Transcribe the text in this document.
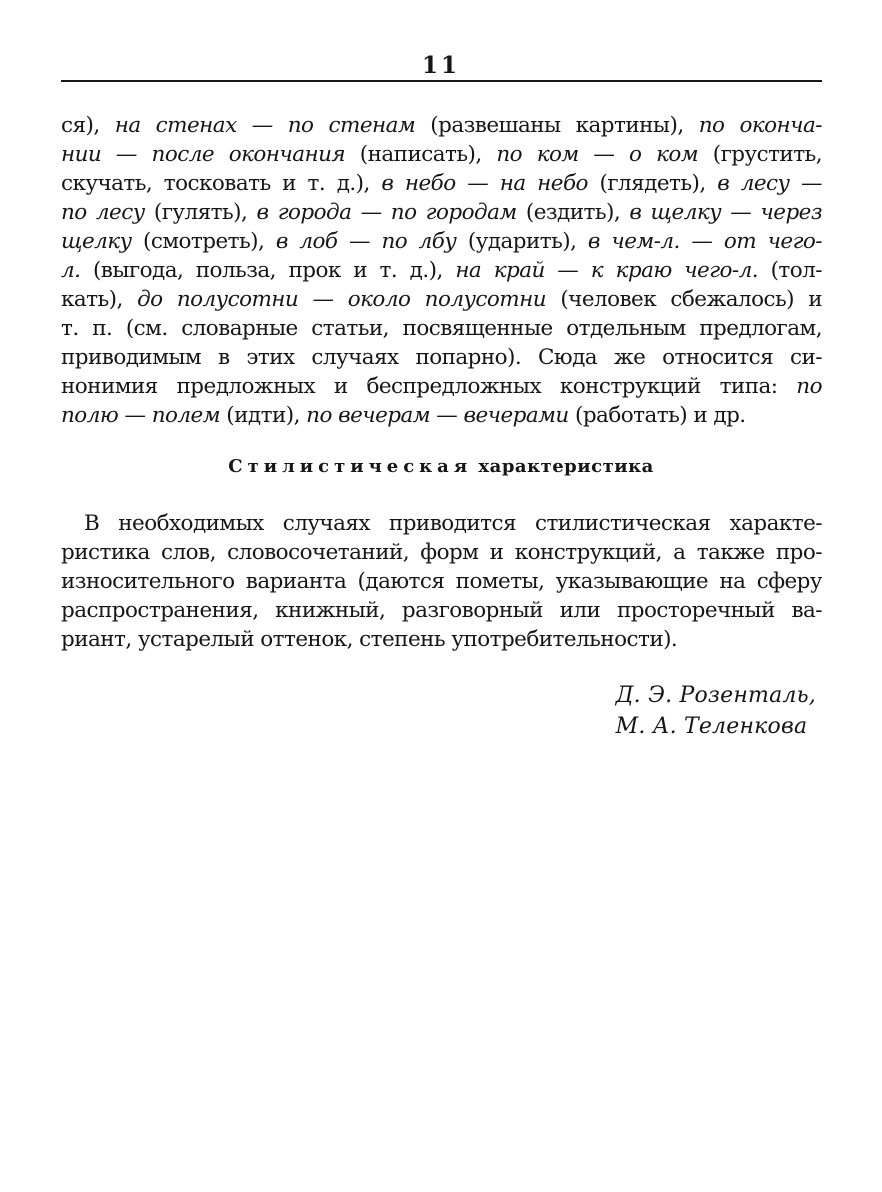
11
ся), на стенах — по стенам (развешаны картины), по оконча-
нии — после окончания (написать), по ком — о ком (грустить,
скучать, тосковать и т. д.), в небо — на небо (глядеть), в лесу —
по лесу (гулять), в города — по городам (ездить), в щелку — через
щелку (смотреть), в лоб — по лбу (ударить), в чем-л. — от чего-
л. (выгода, польза, прок и т. д.), на край — к краю чего-л. (тол-
кать), до полусотни — около полусотни (человек сбежалось) и
т. п. (см. словарные статьи, посвященные отдельным предлогам,
приводимым в этих случаях попарно). Сюда же относится си-
нонимия предложных и беспредложных конструкций типа: по
полю — полем (идти), по вечерам — вечерами (работать) и др.
Стилистическая характеристика
В необходимых случаях приводится стилистическая характе-
ристика слов, словосочетаний, форм и конструкций, а также про-
износительного варианта (даются пометы, указывающие на сферу
распространения, книжный, разговорный или просторечный ва-
риант, устарелый оттенок, степень употребительности).
Д. Э. Розенталь,
М. А. Теленкова
